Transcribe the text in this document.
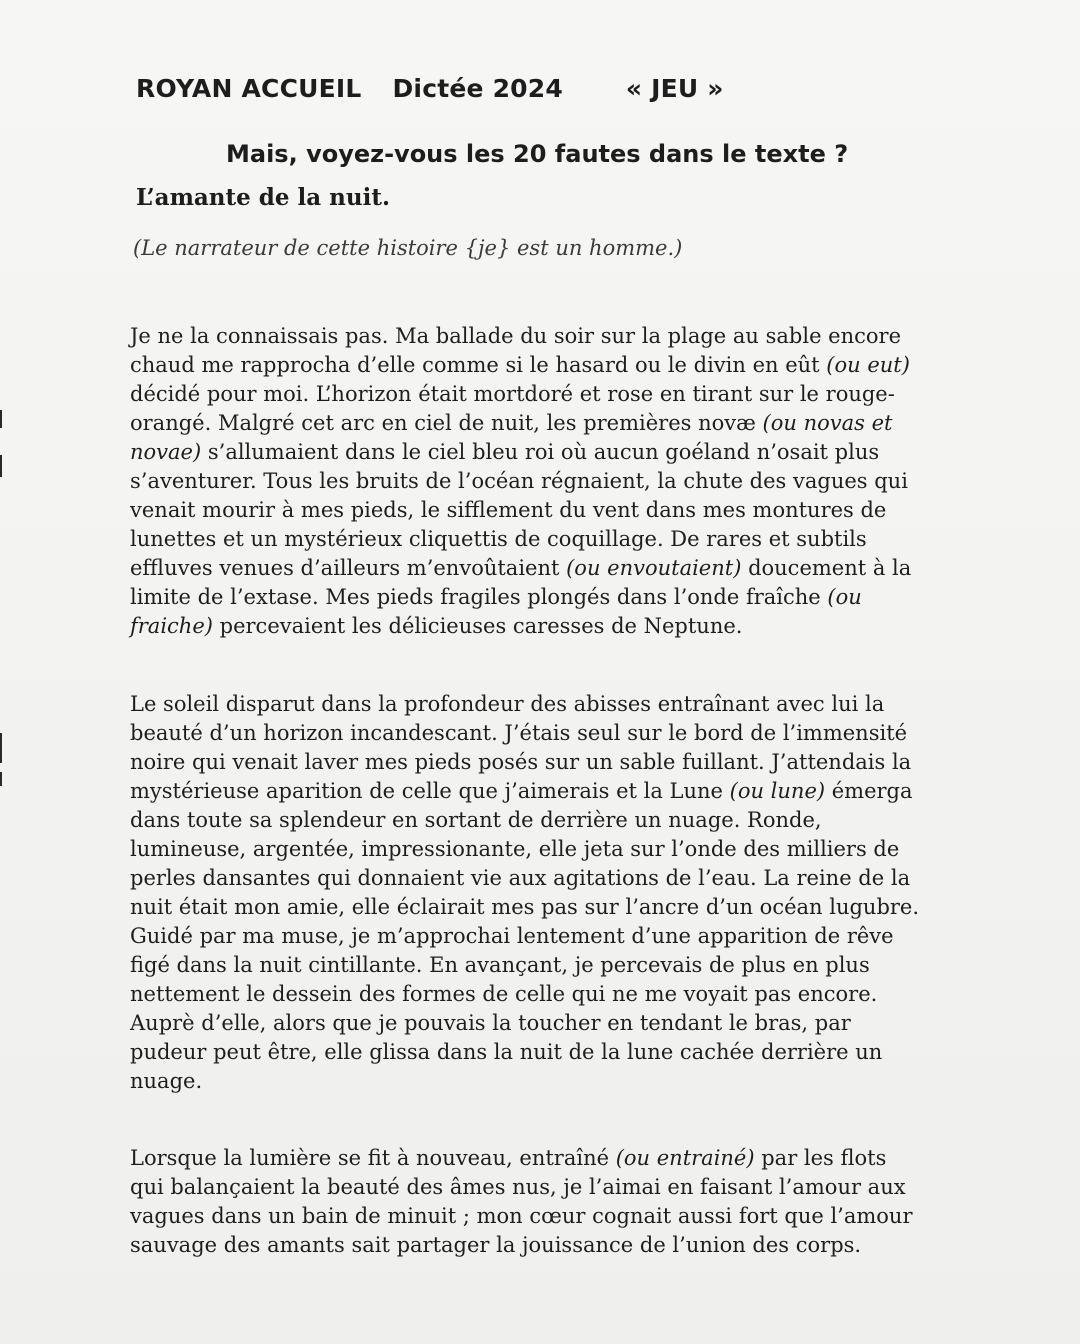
ROYAN ACCUEIL Dictée 2024	« JEU »
Mais, voyez-vous les 20 fautes dans le texte ?
L’amante de la nuit.
(Le narrateur de cette histoire {je} est un homme.)
Je ne la connaissais pas. Ma ballade du soir sur la plage au sable encore
chaud me rapprocha d’elle comme si le hasard ou le divin en eût (ou eut)
décidé pour moi. L’horizon était mortdoré et rose en tirant sur le rouge-
orangé. Malgré cet arc en ciel de nuit, les premières novæ (ou novas et
novae) s’allumaient dans le ciel bleu roi où aucun goéland n’osait plus
s’aventurer. Tous les bruits de l’océan régnaient, la chute des vagues qui
venait mourir à mes pieds, le sifflement du vent dans mes montures de
lunettes et un mystérieux cliquettis de coquillage. De rares et subtils
effluves venues d’ailleurs m’envoûtaient (ou envoutaient) doucement à la
limite de l’extase. Mes pieds fragiles plongés dans l’onde fraîche (ou
fraiche) percevaient les délicieuses caresses de Neptune.
Le soleil disparut dans la profondeur des abisses entraînant avec lui la
beauté d’un horizon incandescant. J’étais seul sur le bord de l’immensité
noire qui venait laver mes pieds posés sur un sable fuillant. J’attendais la
mystérieuse aparition de celle que j’aimerais et la Lune (ou lune) émerga
dans toute sa splendeur en sortant de derrière un nuage. Ronde,
lumineuse, argentée, impressionante, elle jeta sur l’onde des milliers de
perles dansantes qui donnaient vie aux agitations de l’eau. La reine de la
nuit était mon amie, elle éclairait mes pas sur l’ancre d’un océan lugubre.
Guidé par ma muse, je m’approchai lentement d’une apparition de rêve
figé dans la nuit cintillante. En avançant, je percevais de plus en plus
nettement le dessein des formes de celle qui ne me voyait pas encore.
Auprè d’elle, alors que je pouvais la toucher en tendant le bras, par
pudeur peut être, elle glissa dans la nuit de la lune cachée derrière un
nuage.
Lorsque la lumière se fit à nouveau, entraîné (ou entrainé) par les flots
qui balançaient la beauté des âmes nus, je l’aimai en faisant l’amour aux
vagues dans un bain de minuit ; mon cœur cognait aussi fort que l’amour
sauvage des amants sait partager la jouissance de l’union des corps.
